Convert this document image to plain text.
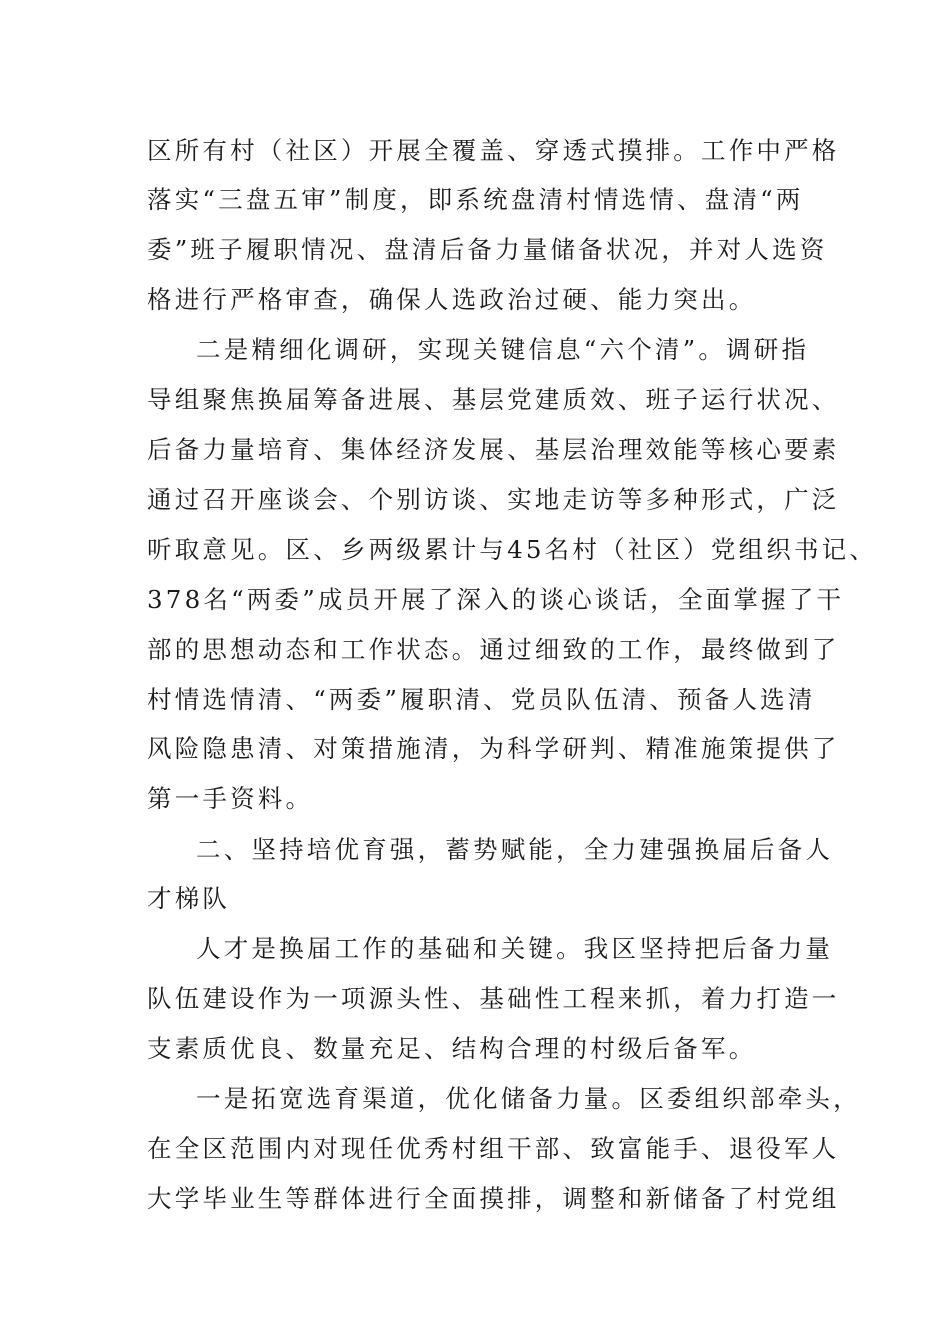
区所有村（社区）开展全覆盖、穿透式摸排。工作中严格
落实“三盘五审”制度，即系统盘清村情选情、盘清“两
委”班子履职情况、盘清后备力量储备状况，并对人选资
格进行严格审查，确保人选政治过硬、能力突出。
二是精细化调研，实现关键信息“六个清”。调研指
导组聚焦换届筹备进展、基层党建质效、班子运行状况、
后备力量培育、集体经济发展、基层治理效能等核心要素
通过召开座谈会、个别访谈、实地走访等多种形式，广泛
听取意见。区、乡两级累计与45名村（社区）党组织书记、
378名“两委”成员开展了深入的谈心谈话，全面掌握了干
部的思想动态和工作状态。通过细致的工作，最终做到了
村情选情清、“两委”履职清、党员队伍清、预备人选清
风险隐患清、对策措施清，为科学研判、精准施策提供了
第一手资料。
二、坚持培优育强，蓄势赋能，全力建强换届后备人
才梯队
人才是换届工作的基础和关键。我区坚持把后备力量
队伍建设作为一项源头性、基础性工程来抓，着力打造一
支素质优良、数量充足、结构合理的村级后备军。
一是拓宽选育渠道，优化储备力量。区委组织部牵头，
在全区范围内对现任优秀村组干部、致富能手、退役军人
大学毕业生等群体进行全面摸排，调整和新储备了村党组
